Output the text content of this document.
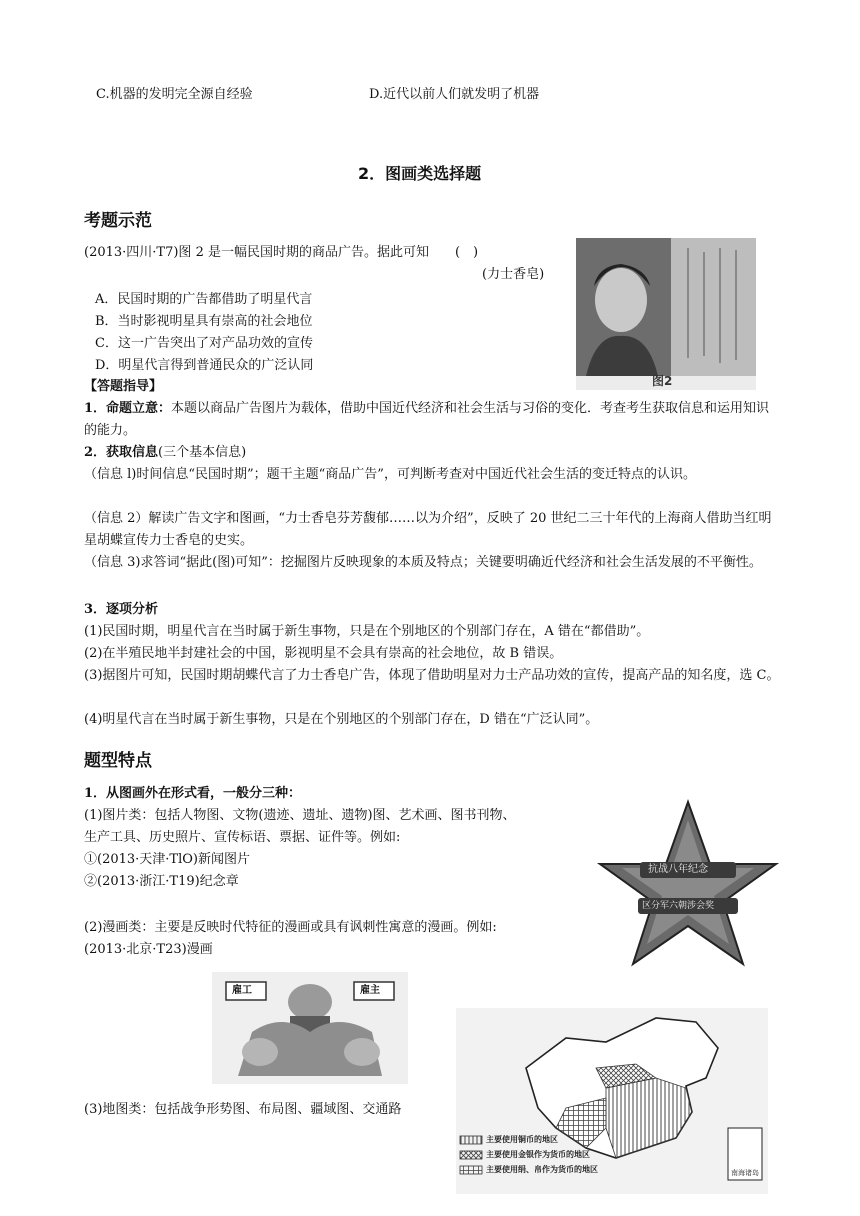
C.机器的发明完全源自经验	D.近代以前人们就发明了机器
2．图画类选择题
考题示范
(2013·四川·T7)图 2 是一幅民国时期的商品广告。据此可知　　(　)
(力士香皂)
A．民国时期的广告都借助了明星代言
B．当时影视明星具有崇高的社会地位
C．这一广告突出了对产品功效的宣传
D．明星代言得到普通民众的广泛认同
图2
【答题指导】
1．命题立意：本题以商品广告图片为载体，借助中国近代经济和社会生活与习俗的变化．考查考生获取信息和运用知识的能力。
2．获取信息(三个基本信息)
（信息 l)时间信息“民国时期”；题干主题“商品广告”，可判断考查对中国近代社会生活的变迁特点的认识。
（信息 2）解读广告文字和图画，“力士香皂芬芳馥郁……以为介绍”，反映了 20 世纪二三十年代的上海商人借助当红明星胡蝶宣传力士香皂的史实。
（信息 3)求答词“据此(图)可知”：挖掘图片反映现象的本质及特点；关键要明确近代经济和社会生活发展的不平衡性。
3．逐项分析
(1)民国时期，明星代言在当时属于新生事物，只是在个别地区的个别部门存在，A 错在“都借助”。
(2)在半殖民地半封建社会的中国，影视明星不会具有崇高的社会地位，故 B 错误。
(3)据图片可知，民国时期胡蝶代言了力士香皂广告，体现了借助明星对力士产品功效的宣传，提高产品的知名度，选 C。
(4)明星代言在当时属于新生事物，只是在个别地区的个别部门存在，D 错在“广泛认同”。
题型特点
1．从图画外在形式看，一般分三种：
(1)图片类：包括人物图、文物(遗迹、遗址、遗物)图、艺术画、图书刊物、
生产工具、历史照片、宣传标语、票据、证件等。例如:
①(2013·天津·TlO)新闻图片
②(2013·浙江·T19)纪念章
抗战八年纪念
区分军六朝涉会奖
(2)漫画类：主要是反映时代特征的漫画或具有讽刺性寓意的漫画。例如:
(2013·北京·T23)漫画
雇工	雇主
(3)地图类：包括战争形势图、布局图、疆域图、交通路
主要使用铜币的地区
主要使用金银作为货币的地区
主要使用绢、帛作为货币的地区	南海诸岛
